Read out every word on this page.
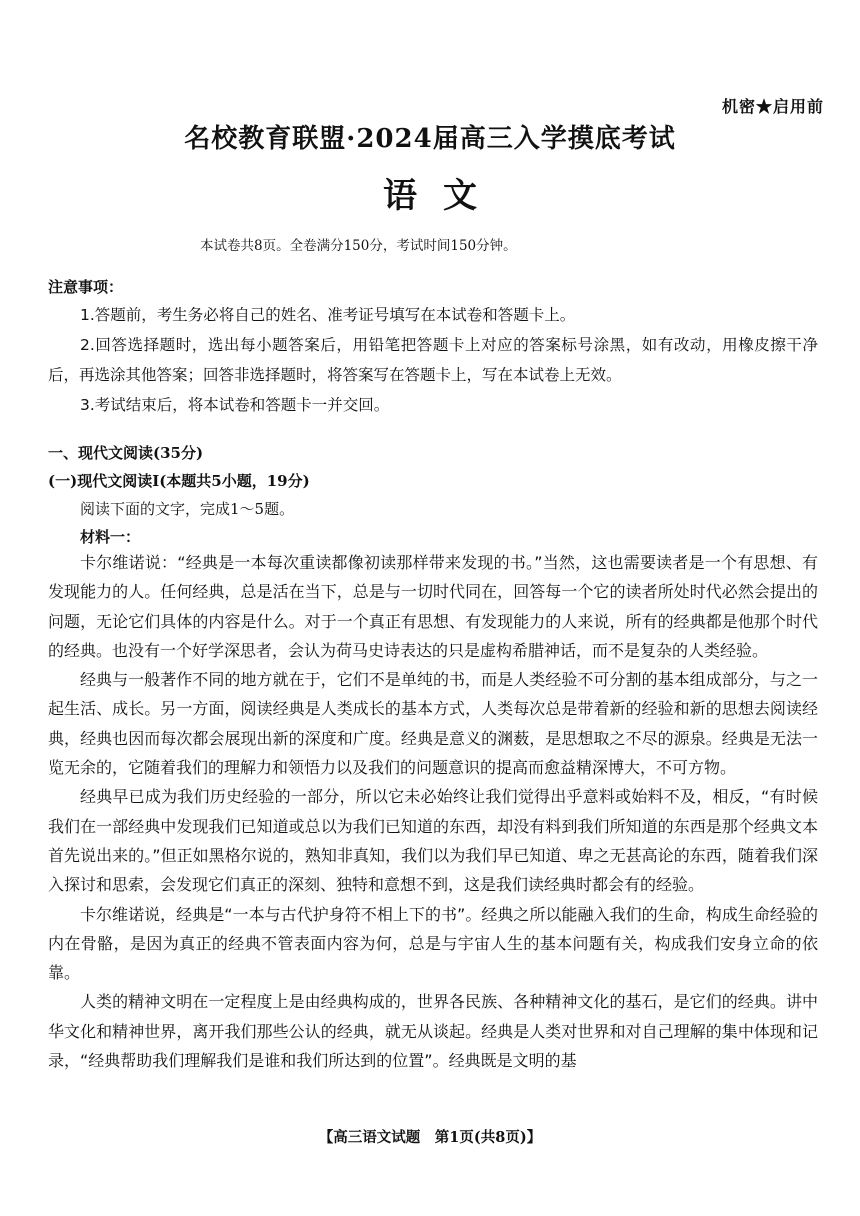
机密★启用前
名校教育联盟·2024届高三入学摸底考试
语文
本试卷共8页。全卷满分150分，考试时间150分钟。
注意事项：

1.答题前，考生务必将自己的姓名、准考证号填写在本试卷和答题卡上。

2.回答选择题时，选出每小题答案后，用铅笔把答题卡上对应的答案标号涂黑，如有改动，用橡皮擦干净后，再选涂其他答案；回答非选择题时，将答案写在答题卡上，写在本试卷上无效。

3.考试结束后，将本试卷和答题卡一并交回。

一、现代文阅读(35分)
(一)现代文阅读Ⅰ(本题共5小题，19分)
阅读下面的文字，完成1～5题。
材料一：

卡尔维诺说：“经典是一本每次重读都像初读那样带来发现的书。”当然，这也需要读者是一个有思想、有发现能力的人。任何经典，总是活在当下，总是与一切时代同在，回答每一个它的读者所处时代必然会提出的问题，无论它们具体的内容是什么。对于一个真正有思想、有发现能力的人来说，所有的经典都是他那个时代的经典。也没有一个好学深思者，会认为荷马史诗表达的只是虚构希腊神话，而不是复杂的人类经验。

经典与一般著作不同的地方就在于，它们不是单纯的书，而是人类经验不可分割的基本组成部分，与之一起生活、成长。另一方面，阅读经典是人类成长的基本方式，人类每次总是带着新的经验和新的思想去阅读经典，经典也因而每次都会展现出新的深度和广度。经典是意义的渊薮，是思想取之不尽的源泉。经典是无法一览无余的，它随着我们的理解力和领悟力以及我们的问题意识的提高而愈益精深博大，不可方物。

经典早已成为我们历史经验的一部分，所以它未必始终让我们觉得出乎意料或始料不及，相反，“有时候我们在一部经典中发现我们已知道或总以为我们已知道的东西，却没有料到我们所知道的东西是那个经典文本首先说出来的。”但正如黑格尔说的，熟知非真知，我们以为我们早已知道、卑之无甚高论的东西，随着我们深入探讨和思索，会发现它们真正的深刻、独特和意想不到，这是我们读经典时都会有的经验。

卡尔维诺说，经典是“一本与古代护身符不相上下的书”。经典之所以能融入我们的生命，构成生命经验的内在骨骼，是因为真正的经典不管表面内容为何，总是与宇宙人生的基本问题有关，构成我们安身立命的依靠。

人类的精神文明在一定程度上是由经典构成的，世界各民族、各种精神文化的基石，是它们的经典。讲中华文化和精神世界，离开我们那些公认的经典，就无从谈起。经典是人类对世界和对自己理解的集中体现和记录，“经典帮助我们理解我们是谁和我们所达到的位置”。经典既是文明的基

【高三语文试题　第1页(共8页)】
